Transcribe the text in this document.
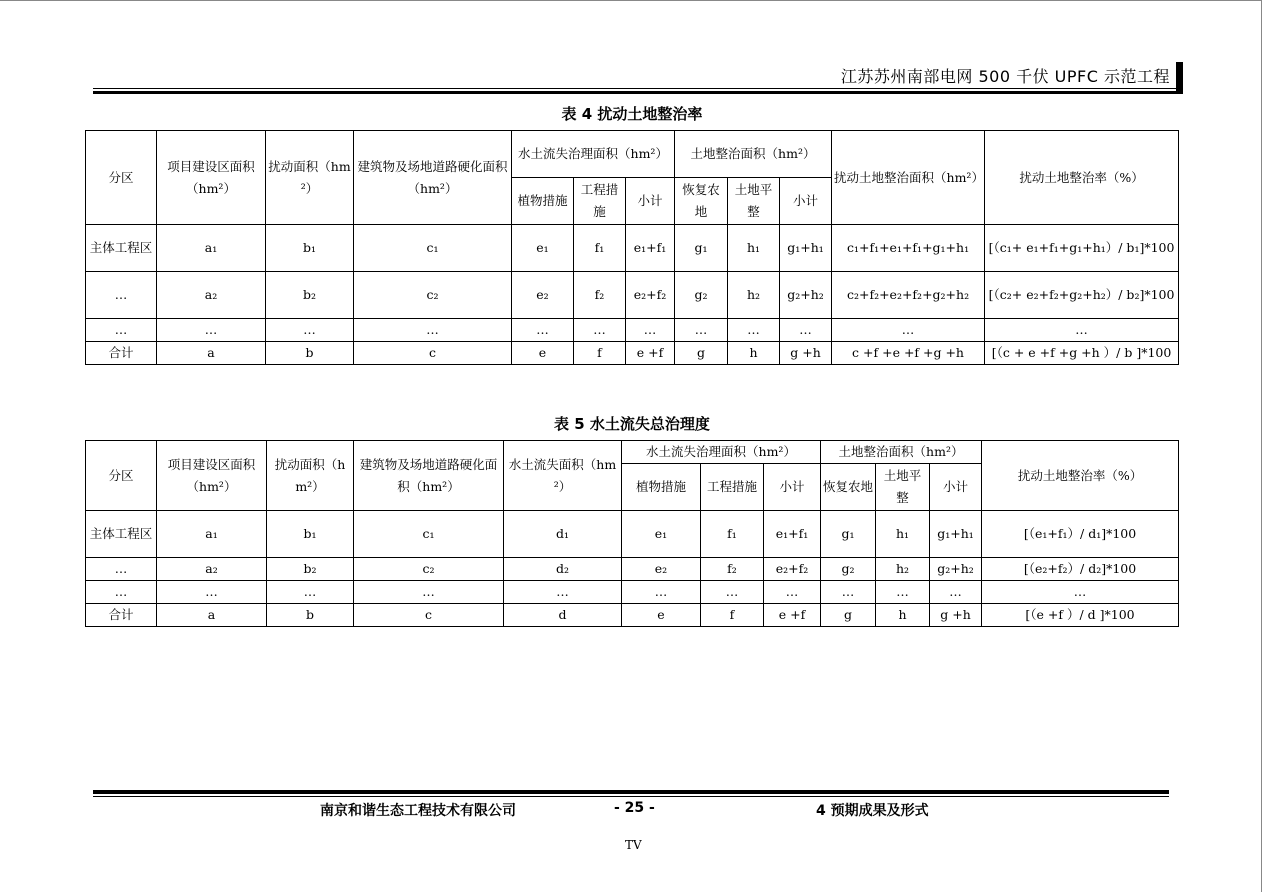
江苏苏州南部电网 500 千伏 UPFC 示范工程
表 4 扰动土地整治率
分区	项目建设区面积（hm²）	扰动面积（hm²）	建筑物及场地道路硬化面积（hm²）	水土流失治理面积（hm²）			土地整治面积（hm²）			扰动土地整治面积（hm²）	扰动土地整治率（%）
				植物措施	工程措施	小计	恢复农地	土地平整	小计		
主体工程区	a₁	b₁	c₁	e₁	f₁	e₁+f₁	g₁	h₁	g₁+h₁	c₁+f₁+e₁+f₁+g₁+h₁	[（c₁+ e₁+f₁+g₁+h₁）/ b₁]*100
…	a₂	b₂	c₂	e₂	f₂	e₂+f₂	g₂	h₂	g₂+h₂	c₂+f₂+e₂+f₂+g₂+h₂	[（c₂+ e₂+f₂+g₂+h₂）/ b₂]*100
…	…	…	…	…	…	…	…	…	…	…	…
合计	a	b	c	e	f	e +f	g	h	g +h	c +f +e +f +g +h	[（c + e +f +g +h ）/ b ]*100
表 5 水土流失总治理度
分区	项目建设区面积（hm²）	扰动面积（hm²）	建筑物及场地道路硬化面积（hm²）	水土流失面积（hm²）	水土流失治理面积（hm²）			土地整治面积（hm²）			扰动土地整治率（%）
					植物措施	工程措施	小计	恢复农地	土地平整	小计	
主体工程区	a₁	b₁	c₁	d₁	e₁	f₁	e₁+f₁	g₁	h₁	g₁+h₁	[（e₁+f₁）/ d₁]*100
…	a₂	b₂	c₂	d₂	e₂	f₂	e₂+f₂	g₂	h₂	g₂+h₂	[（e₂+f₂）/ d₂]*100
…	…	…	…	…	…	…	…	…	…	…	…
合计	a	b	c	d	e	f	e +f	g	h	g +h	[（e +f ）/ d ]*100
南京和谐生态工程技术有限公司	- 25 -	4 预期成果及形式
TV
